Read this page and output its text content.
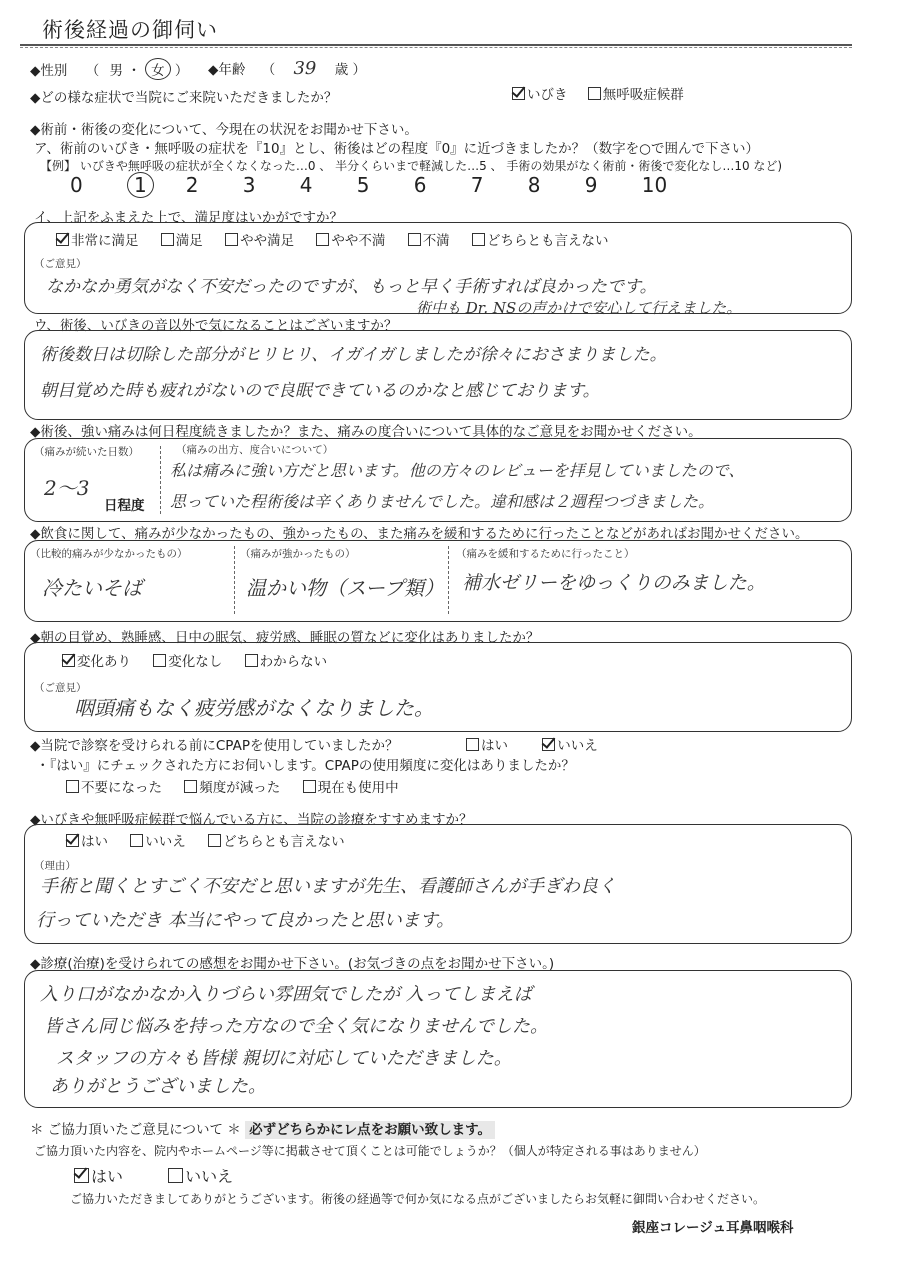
術後経過の御伺い
◆性別 （ 男 ・ 女 ） ◆年齢 （ 39 歳 ）
◆どの様な症状で当院にご来院いただきましたか？	いびき	無呼吸症候群
◆術前・術後の変化について、今現在の状況をお聞かせ下さい。
ア、術前のいびき・無呼吸の症状を『10』とし、術後はどの程度『0』に近づきましたか？（数字を○で囲んで下さい）
【例】 いびきや無呼吸の症状が全くなくなった…0 、 半分くらいまで軽減した…5 、 手術の効果がなく術前・術後で変化なし…10 など)
0	1 2 3 4 5 6 7 8 9 10
イ、上記をふまえた上で、満足度はいかがですか？
非常に満足	満足	やや満足	やや不満	不満	どちらとも言えない
（ご意見）
なかなか勇気がなく不安だったのですが、もっと早く手術すれば良かったです。
ウ、術後、いびきの音以外で気になることはございますか？
術中も Dr. NSの声かけで安心して行えました。
術後数日は切除した部分がヒリヒリ、イガイガしましたが徐々におさまりました。
朝目覚めた時も疲れがないので良眠できているのかなと感じております。
◆術後、強い痛みは何日程度続きましたか？また、痛みの度合いについて具体的なご意見をお聞かせください。
（痛みが続いた日数）
2～3
日程度
（痛みの出方、度合いについて）
私は痛みに強い方だと思います。他の方々のレビューを拝見していましたので、
思っていた程術後は辛くありませんでした。違和感は２週程つづきました。
◆飲食に関して、痛みが少なかったもの、強かったもの、また痛みを緩和するために行ったことなどがあればお聞かせください。
（比較的痛みが少なかったもの）
冷たいそば
（痛みが強かったもの）
温かい物（スープ類）
（痛みを緩和するために行ったこと）
補水ゼリーをゆっくりのみました。
◆朝の目覚め、熟睡感、日中の眠気、疲労感、睡眠の質などに変化はありましたか？
変化あり	変化なし	わからない
（ご意見）
咽頭痛もなく疲労感がなくなりました。
◆当院で診察を受けられる前にCPAPを使用していましたか？	はい	いいえ
・『はい』にチェックされた方にお伺いします。CPAPの使用頻度に変化はありましたか？
不要になった	頻度が減った	現在も使用中
◆いびきや無呼吸症候群で悩んでいる方に、当院の診療をすすめますか？
はい	いいえ	どちらとも言えない
（理由）
手術と聞くとすごく不安だと思いますが先生、看護師さんが手ぎわ良く
行っていただき 本当にやって良かったと思います。
◆診療(治療)を受けられての感想をお聞かせ下さい。(お気づきの点をお聞かせ下さい。)
入り口がなかなか入りづらい雰囲気でしたが 入ってしまえば
皆さん同じ悩みを持った方なので全く気になりませんでした。
スタッフの方々も皆様 親切に対応していただきました。
ありがとうございました。
＊ ご協力頂いたご意見について ＊ 必ずどちらかにレ点をお願い致します。
ご協力頂いた内容を、院内やホームページ等に掲載させて頂くことは可能でしょうか？（個人が特定される事はありません）
はい	いいえ
ご協力いただきましてありがとうございます。術後の経過等で何か気になる点がございましたらお気軽に御問い合わせください。
銀座コレージュ耳鼻咽喉科
